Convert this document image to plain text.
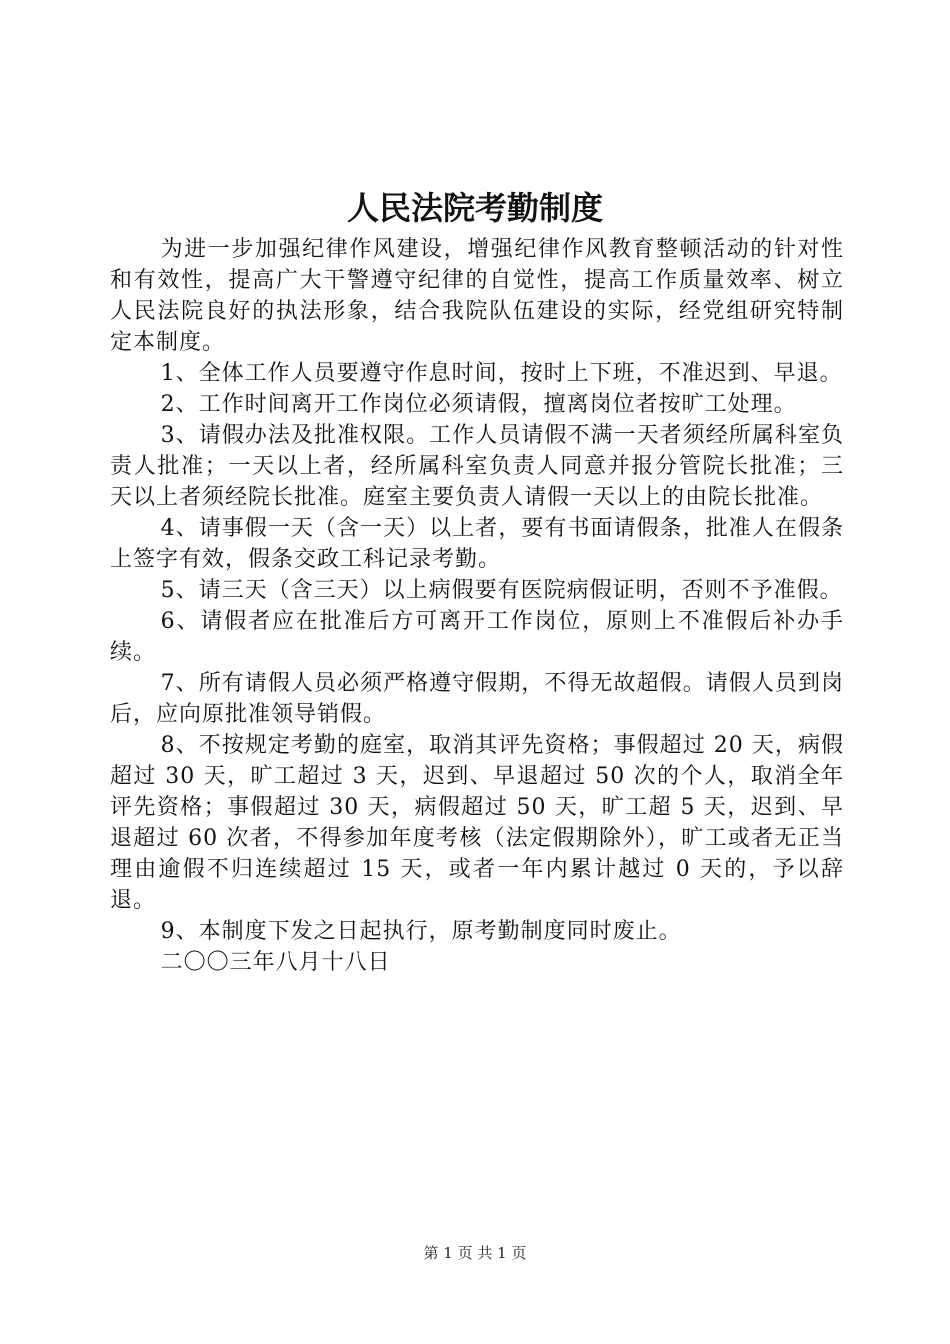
人民法院考勤制度

为进一步加强纪律作风建设，增强纪律作风教育整顿活动的针对性和有效性，提高广大干警遵守纪律的自觉性，提高工作质量效率、树立人民法院良好的执法形象，结合我院队伍建设的实际，经党组研究特制定本制度。

1、全体工作人员要遵守作息时间，按时上下班，不准迟到、早退。

2、工作时间离开工作岗位必须请假，擅离岗位者按旷工处理。

3、请假办法及批准权限。工作人员请假不满一天者须经所属科室负责人批准；一天以上者，经所属科室负责人同意并报分管院长批准；三天以上者须经院长批准。庭室主要负责人请假一天以上的由院长批准。

4、请事假一天（含一天）以上者，要有书面请假条，批准人在假条上签字有效，假条交政工科记录考勤。

5、请三天（含三天）以上病假要有医院病假证明，否则不予准假。

6、请假者应在批准后方可离开工作岗位，原则上不准假后补办手续。

7、所有请假人员必须严格遵守假期，不得无故超假。请假人员到岗后，应向原批准领导销假。

8、不按规定考勤的庭室，取消其评先资格；事假超过 20 天，病假超过 30 天，旷工超过 3 天，迟到、早退超过 50 次的个人，取消全年评先资格；事假超过 30 天，病假超过 50 天，旷工超 5 天，迟到、早退超过 60 次者，不得参加年度考核（法定假期除外），旷工或者无正当理由逾假不归连续超过 15 天，或者一年内累计越过 0 天的，予以辞退。

9、本制度下发之日起执行，原考勤制度同时废止。

二〇〇三年八月十八日

第 1 页 共 1 页
